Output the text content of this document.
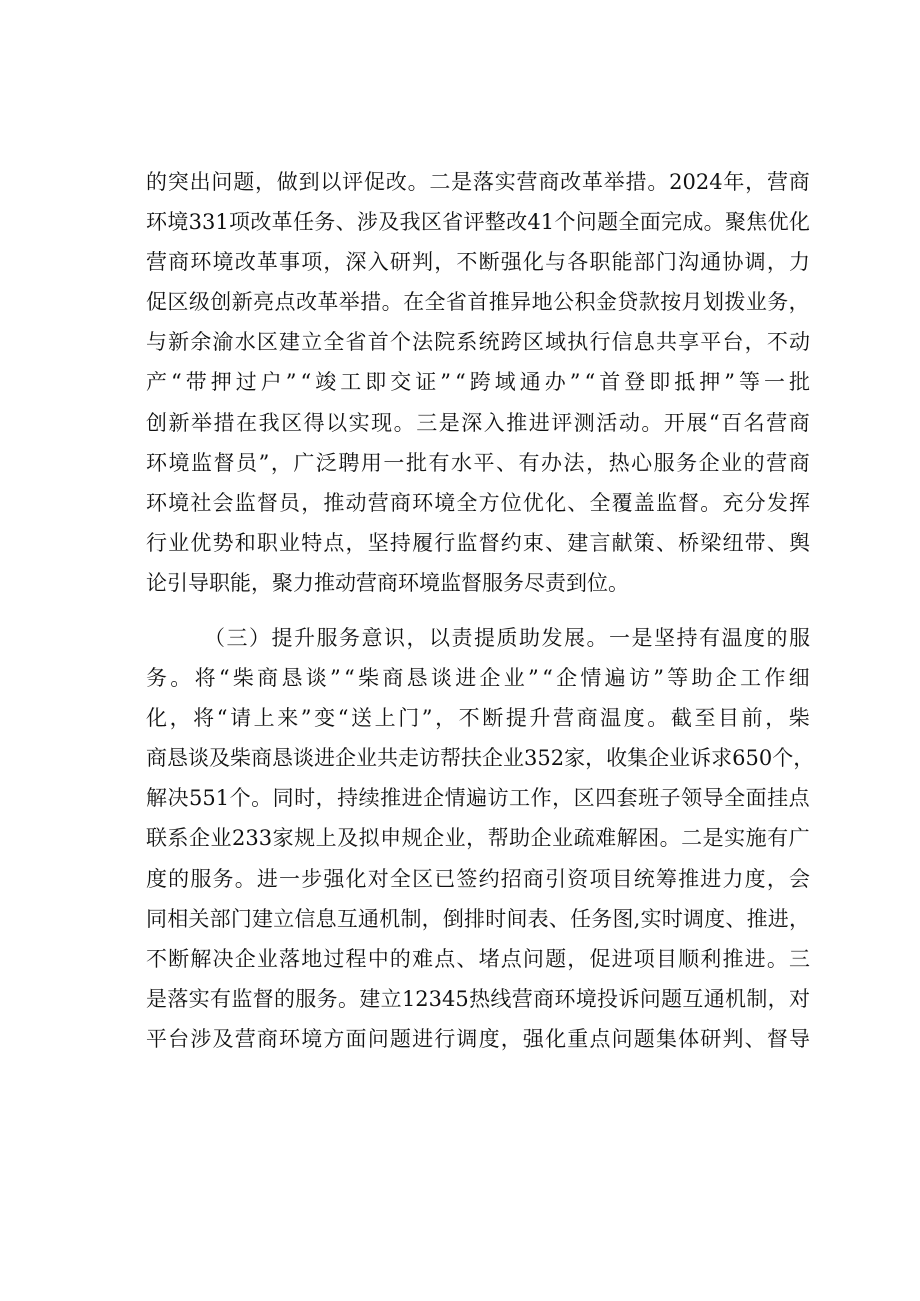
的 突 出 问 题 ， 做 到 以 评 促 改 。 二 是 落 实 营 商 改 革 举 措 。 2024 年 ， 营 商
环 境 331 项 改 革 任 务 、 涉 及 我 区 省 评 整 改 41 个 问 题 全 面 完 成 。 聚 焦 优 化
营 商 环 境 改 革 事 项 ， 深 入 研 判 ， 不 断 强 化 与 各 职 能 部 门 沟 通 协 调 ， 力
促 区 级 创 新 亮 点 改 革 举 措 。 在 全 省 首 推 异 地 公 积 金 贷 款 按 月 划 拨 业 务 ，
与 新 余 渝 水 区 建 立 全 省 首 个 法 院 系 统 跨 区 域 执 行 信 息 共 享 平 台 ， 不 动
产 “ 带 押 过 户 ” “ 竣 工 即 交 证 ” “ 跨 域 通 办 ” “ 首 登 即 抵 押 ” 等 一 批
创 新 举 措 在 我 区 得 以 实 现 。 三 是 深 入 推 进 评 测 活 动 。 开 展 “ 百 名 营 商
环 境 监 督 员 ” ， 广 泛 聘 用 一 批 有 水 平 、 有 办 法 ， 热 心 服 务 企 业 的 营 商
环 境 社 会 监 督 员 ， 推 动 营 商 环 境 全 方 位 优 化 、 全 覆 盖 监 督 。 充 分 发 挥
行 业 优 势 和 职 业 特 点 ， 坚 持 履 行 监 督 约 束 、 建 言 献 策 、 桥 梁 纽 带 、 舆
论引导职能，聚力推动营商环境监督服务尽责到位。
（ 三 ） 提 升 服 务 意 识 ， 以 责 提 质 助 发 展 。 一 是 坚 持 有 温 度 的 服
务 。 将 “ 柴 商 恳 谈 ” “ 柴 商 恳 谈 进 企 业 ” “ 企 情 遍 访 ” 等 助 企 工 作 细
化 ， 将 “ 请 上 来 ” 变 “ 送 上 门 ” ， 不 断 提 升 营 商 温 度 。 截 至 目 前 ， 柴
商 恳 谈 及 柴 商 恳 谈 进 企 业 共 走 访 帮 扶 企 业 352 家 ， 收 集 企 业 诉 求 650 个 ，
解 决 551 个 。 同 时 ， 持 续 推 进 企 情 遍 访 工 作 ， 区 四 套 班 子 领 导 全 面 挂 点
联 系 企 业 233 家 规 上 及 拟 申 规 企 业 ， 帮 助 企 业 疏 难 解 困 。 二 是 实 施 有 广
度 的 服 务 。 进 一 步 强 化 对 全 区 已 签 约 招 商 引 资 项 目 统 筹 推 进 力 度 ， 会
同 相 关 部 门 建 立 信 息 互 通 机 制 ， 倒 排 时 间 表 、 任 务 图 , 实 时 调 度 、 推 进 ，
不 断 解 决 企 业 落 地 过 程 中 的 难 点 、 堵 点 问 题 ， 促 进 项 目 顺 利 推 进 。 三
是 落 实 有 监 督 的 服 务 。 建 立 12345 热 线 营 商 环 境 投 诉 问 题 互 通 机 制 ， 对
平 台 涉 及 营 商 环 境 方 面 问 题 进 行 调 度 ， 强 化 重 点 问 题 集 体 研 判 、 督 导
